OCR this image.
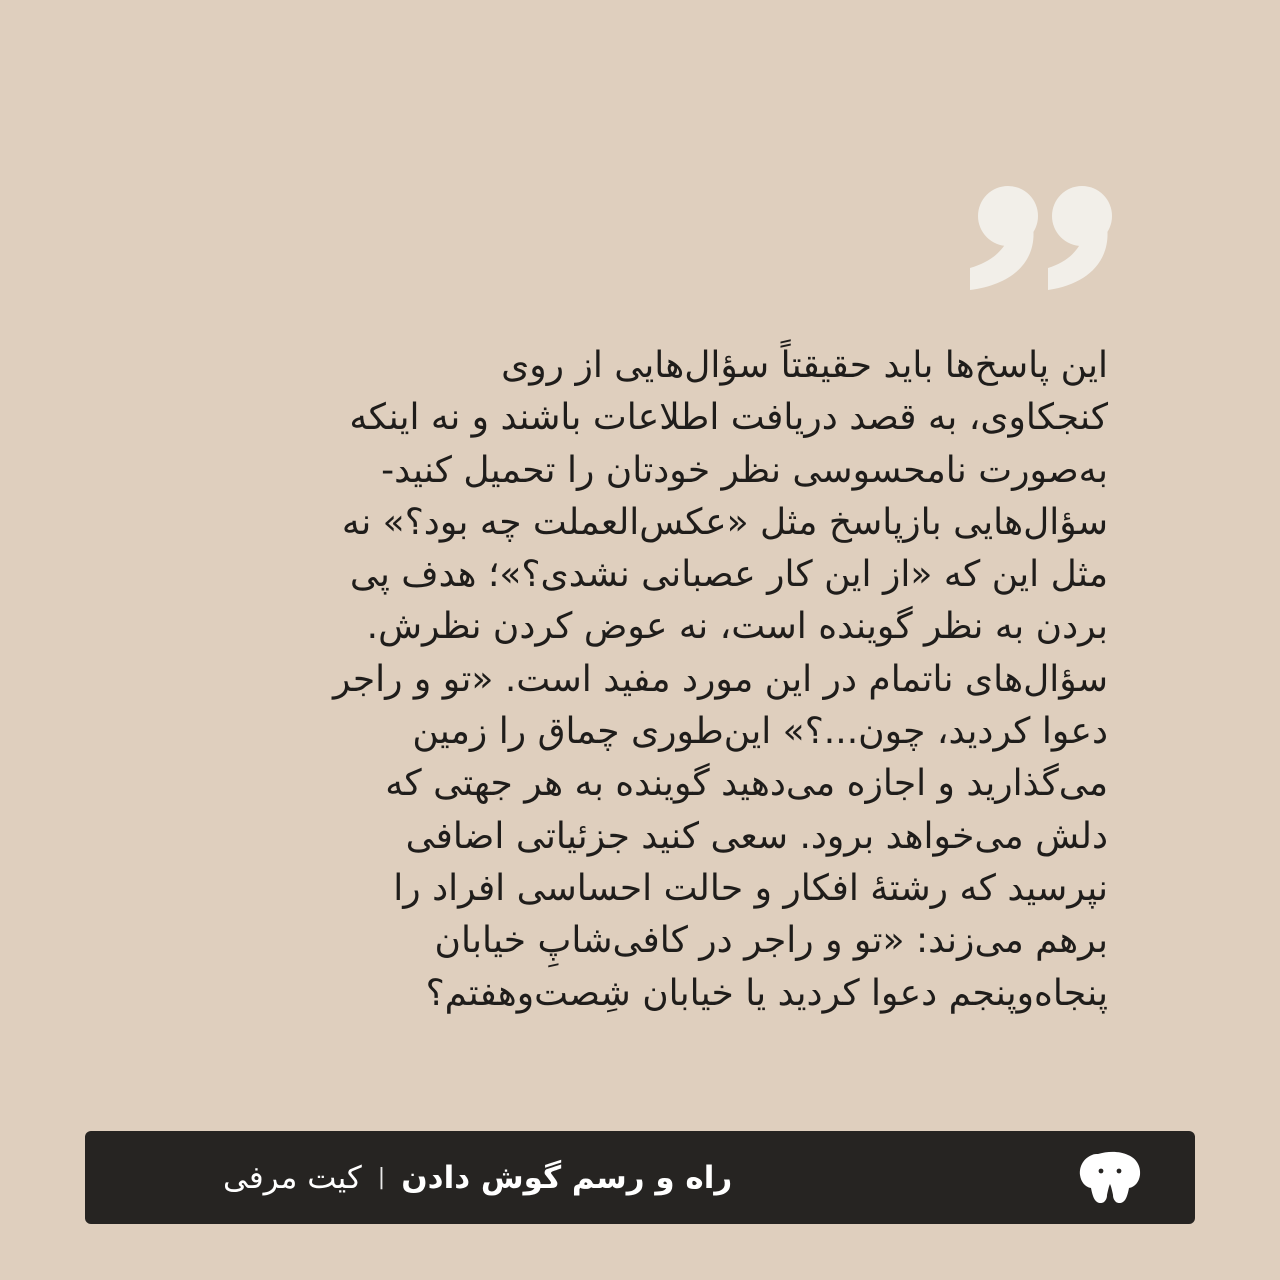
این پاسخ‌ها باید حقیقتاً سؤال‌هایی از روی
کنجکاوی، به قصد دریافت اطلاعات باشند و نه اینکه
به‌صورت نامحسوسی نظر خودتان را تحمیل کنید-
سؤال‌هایی بازپاسخ مثل «عکس‌العملت چه بود؟» نه
مثل این که «از این کار عصبانی نشدی؟»؛ هدف پی
بردن به نظر گوینده است، نه عوض کردن نظرش.
سؤال‌های ناتمام در این مورد مفید است. «تو و راجر
دعوا کردید، چون...؟» این‌طوری چماق را زمین
می‌گذارید و اجازه می‌دهید گوینده به هر جهتی که
دلش می‌خواهد برود. سعی کنید جزئیاتی اضافی
نپرسید که رشتهٔ افکار و حالت احساسی افراد را
برهم می‌زند: «تو و راجر در کافی‌شاپِ خیابان
پنجاه‌وپنجم دعوا کردید یا خیابان شِصت‌وهفتم؟
راه و رسم گوش دادن
|
کیت مرفی
